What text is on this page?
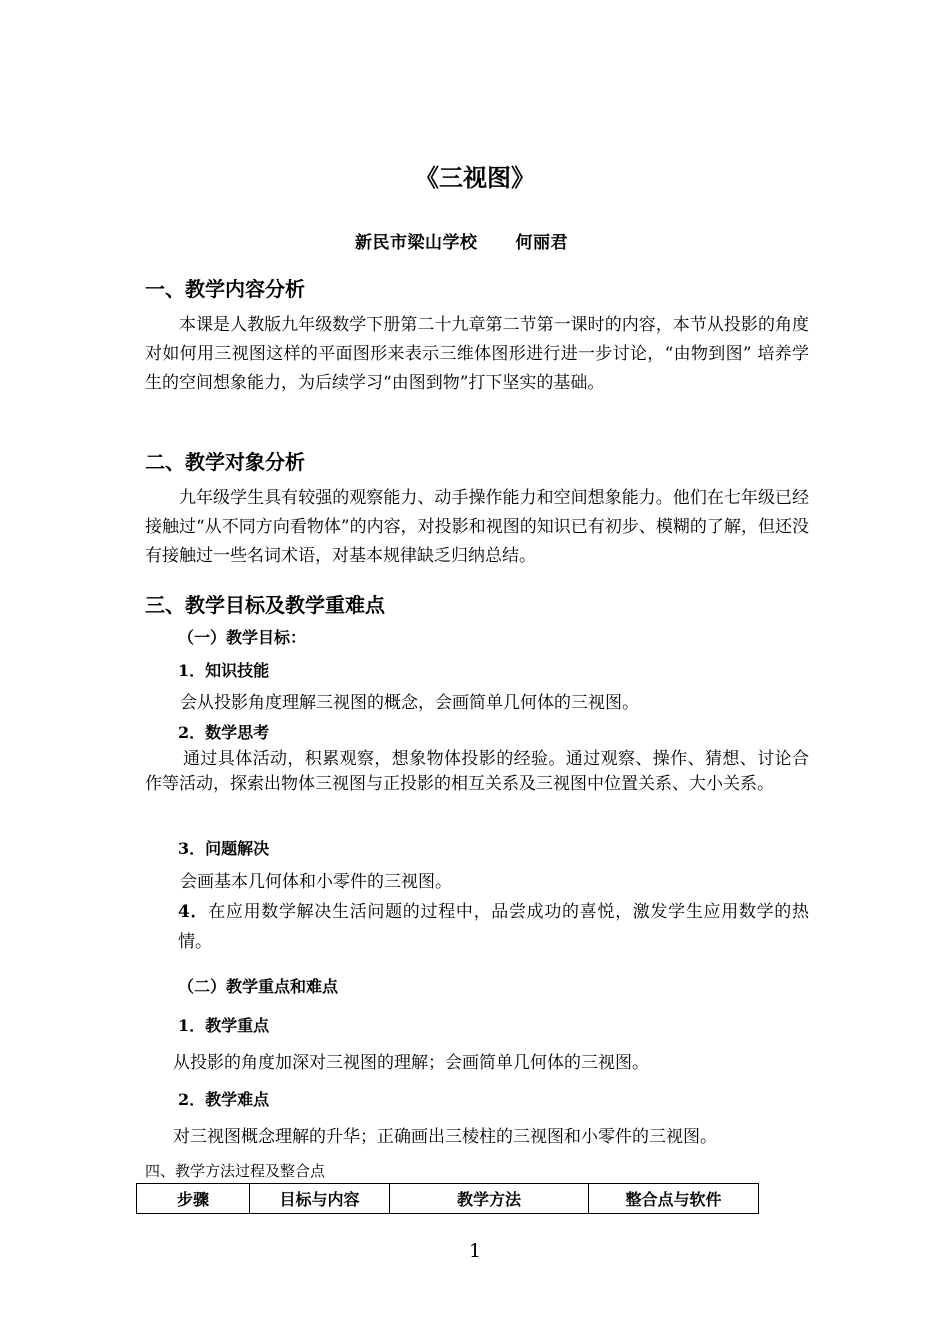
《三视图》
新民市梁山学校 何丽君
一、教学内容分析

本课是人教版九年级数学下册第二十九章第二节第一课时的内容，本节从投影的角度对如何用三视图这样的平面图形来表示三维体图形进行进一步讨论，“由物到图” 培养学生的空间想象能力，为后续学习“由图到物”打下坚实的基础。

二、教学对象分析

九年级学生具有较强的观察能力、动手操作能力和空间想象能力。他们在七年级已经接触过“从不同方向看物体”的内容，对投影和视图的知识已有初步、模糊的了解，但还没有接触过一些名词术语，对基本规律缺乏归纳总结。

三、教学目标及教学重难点
（一）教学目标：
1．知识技能
会从投影角度理解三视图的概念，会画简单几何体的三视图。
2．数学思考

通过具体活动，积累观察，想象物体投影的经验。通过观察、操作、猜想、讨论合作等活动，探索出物体三视图与正投影的相互关系及三视图中位置关系、大小关系。

3．问题解决
会画基本几何体和小零件的三视图。

4．在应用数学解决生活问题的过程中，品尝成功的喜悦，激发学生应用数学的热情。

（二）教学重点和难点
1．教学重点
从投影的角度加深对三视图的理解；会画简单几何体的三视图。
2．教学难点
对三视图概念理解的升华；正确画出三棱柱的三视图和小零件的三视图。
四、教学方法过程及整合点
步骤	目标与内容	教学方法	整合点与软件
1
